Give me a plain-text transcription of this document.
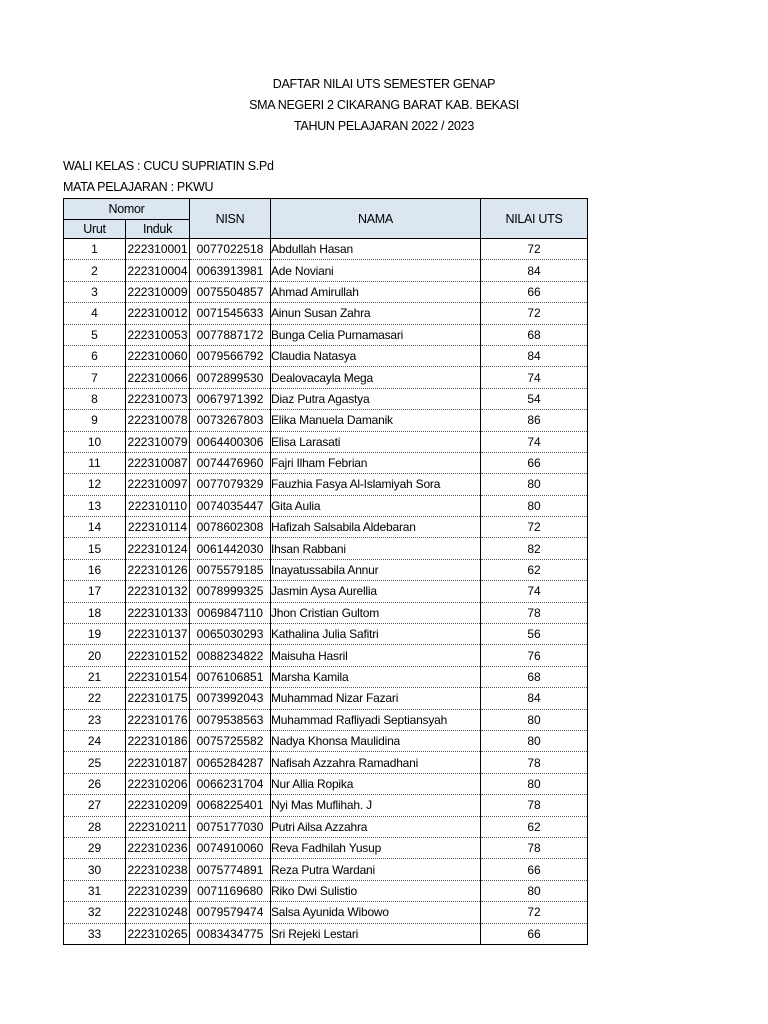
DAFTAR NILAI UTS SEMESTER GENAP
SMA NEGERI 2 CIKARANG BARAT KAB. BEKASI
TAHUN PELAJARAN 2022 / 2023
WALI KELAS : CUCU SUPRIATIN S.Pd
MATA PELAJARAN : PKWU
Nomor		NISN	NAMA	NILAI UTS
Urut	Induk			
1	222310001	0077022518	Abdullah Hasan	72
2	222310004	0063913981	Ade Noviani	84
3	222310009	0075504857	Ahmad Amirullah	66
4	222310012	0071545633	Ainun Susan Zahra	72
5	222310053	0077887172	Bunga Celia Purnamasari	68
6	222310060	0079566792	Claudia Natasya	84
7	222310066	0072899530	Dealovacayla Mega	74
8	222310073	0067971392	Diaz Putra Agastya	54
9	222310078	0073267803	Elika Manuela Damanik	86
10	222310079	0064400306	Elisa Larasati	74
11	222310087	0074476960	Fajri Ilham Febrian	66
12	222310097	0077079329	Fauzhia Fasya Al-Islamiyah Sora	80
13	222310110	0074035447	Gita Aulia	80
14	222310114	0078602308	Hafizah Salsabila Aldebaran	72
15	222310124	0061442030	Ihsan Rabbani	82
16	222310126	0075579185	Inayatussabila Annur	62
17	222310132	0078999325	Jasmin Aysa Aurellia	74
18	222310133	0069847110	Jhon Cristian Gultom	78
19	222310137	0065030293	Kathalina Julia Safitri	56
20	222310152	0088234822	Maisuha Hasril	76
21	222310154	0076106851	Marsha Kamila	68
22	222310175	0073992043	Muhammad Nizar Fazari	84
23	222310176	0079538563	Muhammad Rafliyadi Septiansyah	80
24	222310186	0075725582	Nadya Khonsa Maulidina	80
25	222310187	0065284287	Nafisah Azzahra Ramadhani	78
26	222310206	0066231704	Nur Allia Ropika	80
27	222310209	0068225401	Nyi Mas Muflihah. J	78
28	222310211	0075177030	Putri Ailsa Azzahra	62
29	222310236	0074910060	Reva Fadhilah Yusup	78
30	222310238	0075774891	Reza Putra Wardani	66
31	222310239	0071169680	Riko Dwi Sulistio	80
32	222310248	0079579474	Salsa Ayunida Wibowo	72
33	222310265	0083434775	Sri Rejeki Lestari	66
